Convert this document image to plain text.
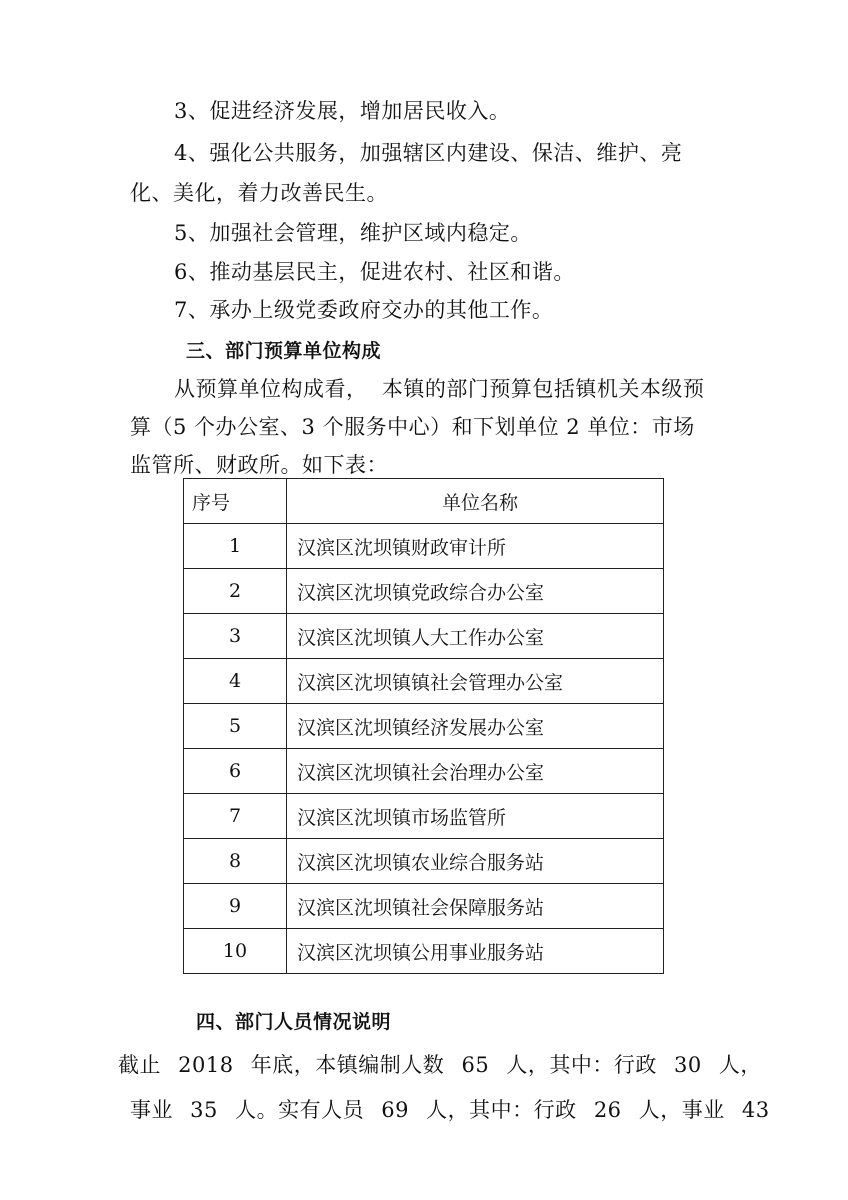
3、促进经济发展，增加居民收入。

4、强化公共服务，加强辖区内建设、保洁、维护、亮

化、美化，着力改善民生。

5、加强社会管理，维护区域内稳定。

6、推动基层民主，促进农村、社区和谐。

7、承办上级党委政府交办的其他工作。

三、部门预算单位构成

从预算单位构成看，  本镇的部门预算包括镇机关本级预

算（5 个办公室、3 个服务中心）和下划单位 2 单位：市场

监管所、财政所。如下表：

序号	单位名称
1	汉滨区沈坝镇财政审计所
2	汉滨区沈坝镇党政综合办公室
3	汉滨区沈坝镇人大工作办公室
4	汉滨区沈坝镇镇社会管理办公室
5	汉滨区沈坝镇经济发展办公室
6	汉滨区沈坝镇社会治理办公室
7	汉滨区沈坝镇市场监管所
8	汉滨区沈坝镇农业综合服务站
9	汉滨区沈坝镇社会保障服务站
10	汉滨区沈坝镇公用事业服务站
四、部门人员情况说明

截止 2018 年底，本镇编制人数 65 人，其中：行政 30 人，

事业 35 人。实有人员 69 人，其中：行政 26 人，事业 43
